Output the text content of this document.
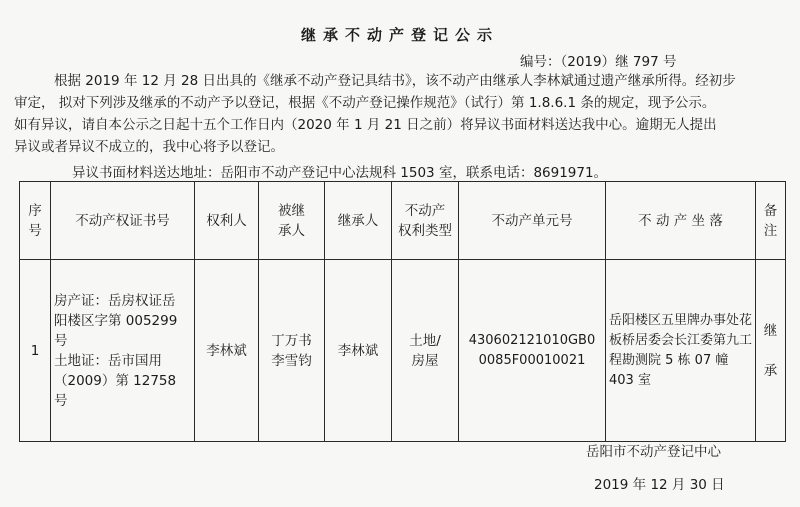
继承不动产登记公示
编号：（2019）继 797 号

根据 2019 年 12 月 28 日出具的《继承不动产登记具结书》，该不动产由继承人李林斌通过遗产继承所得。经初步

审定， 拟对下列涉及继承的不动产予以登记，根据《不动产登记操作规范》（试行）第 1.8.6.1 条的规定，现予公示。

如有异议，请自本公示之日起十五个工作日内（2020 年 1 月 21 日之前）将异议书面材料送达我中心。逾期无人提出

异议或者异议不成立的，我中心将予以登记。

异议书面材料送达地址：岳阳市不动产登记中心法规科 1503 室，联系电话：8691971。
序
号	不动产权证书号	权利人	被继
承人	继承人	不动产
权利类型	不动产单元号	不 动 产 坐 落	备
注
1	房产证：岳房权证岳
阳楼区字第 005299
号
土地证：岳市国用
（2009）第 12758 号	李林斌	丁万书
李雪钧	李林斌	土地/
房屋	430602121010GB0
0085F00010021	岳阳楼区五里牌办事处花
板桥居委会长江委第九工
程勘测院 5 栋 07 幢 403 室	继

承
岳阳市不动产登记中心
2019 年 12 月 30 日
